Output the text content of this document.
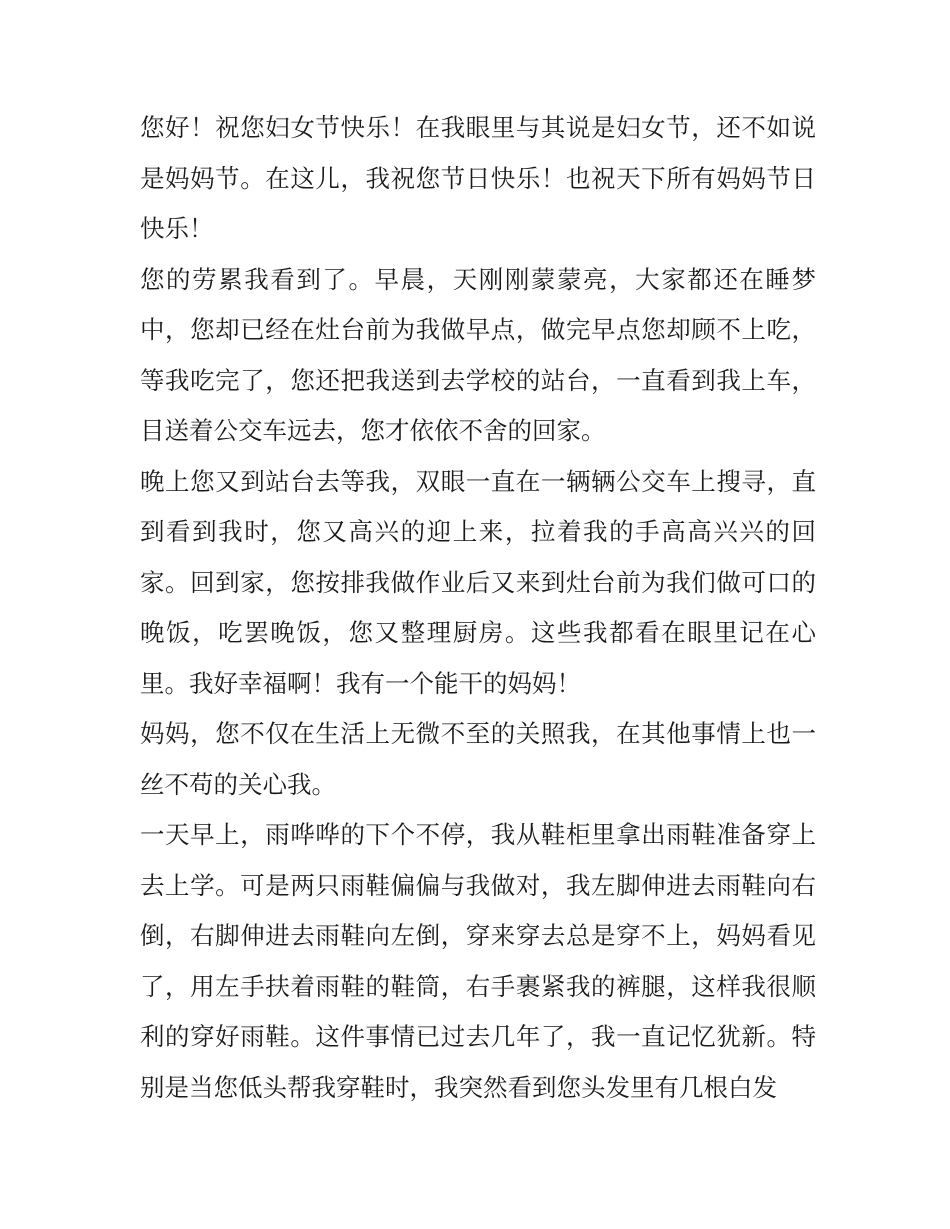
您好！祝您妇女节快乐！在我眼里与其说是妇女节，还不如说
是妈妈节。在这儿，我祝您节日快乐！也祝天下所有妈妈节日
快乐！
您的劳累我看到了。早晨，天刚刚蒙蒙亮，大家都还在睡梦
中，您却已经在灶台前为我做早点，做完早点您却顾不上吃，
等我吃完了，您还把我送到去学校的站台，一直看到我上车，
目送着公交车远去，您才依依不舍的回家。
晚上您又到站台去等我，双眼一直在一辆辆公交车上搜寻，直
到看到我时，您又高兴的迎上来，拉着我的手高高兴兴的回
家。回到家，您按排我做作业后又来到灶台前为我们做可口的
晚饭，吃罢晚饭，您又整理厨房。这些我都看在眼里记在心
里。我好幸福啊！我有一个能干的妈妈！
妈妈，您不仅在生活上无微不至的关照我，在其他事情上也一
丝不苟的关心我。
一天早上，雨哗哗的下个不停，我从鞋柜里拿出雨鞋准备穿上
去上学。可是两只雨鞋偏偏与我做对，我左脚伸进去雨鞋向右
倒，右脚伸进去雨鞋向左倒，穿来穿去总是穿不上，妈妈看见
了，用左手扶着雨鞋的鞋筒，右手裹紧我的裤腿，这样我很顺
利的穿好雨鞋。这件事情已过去几年了，我一直记忆犹新。特
别是当您低头帮我穿鞋时，我突然看到您头发里有几根白发
